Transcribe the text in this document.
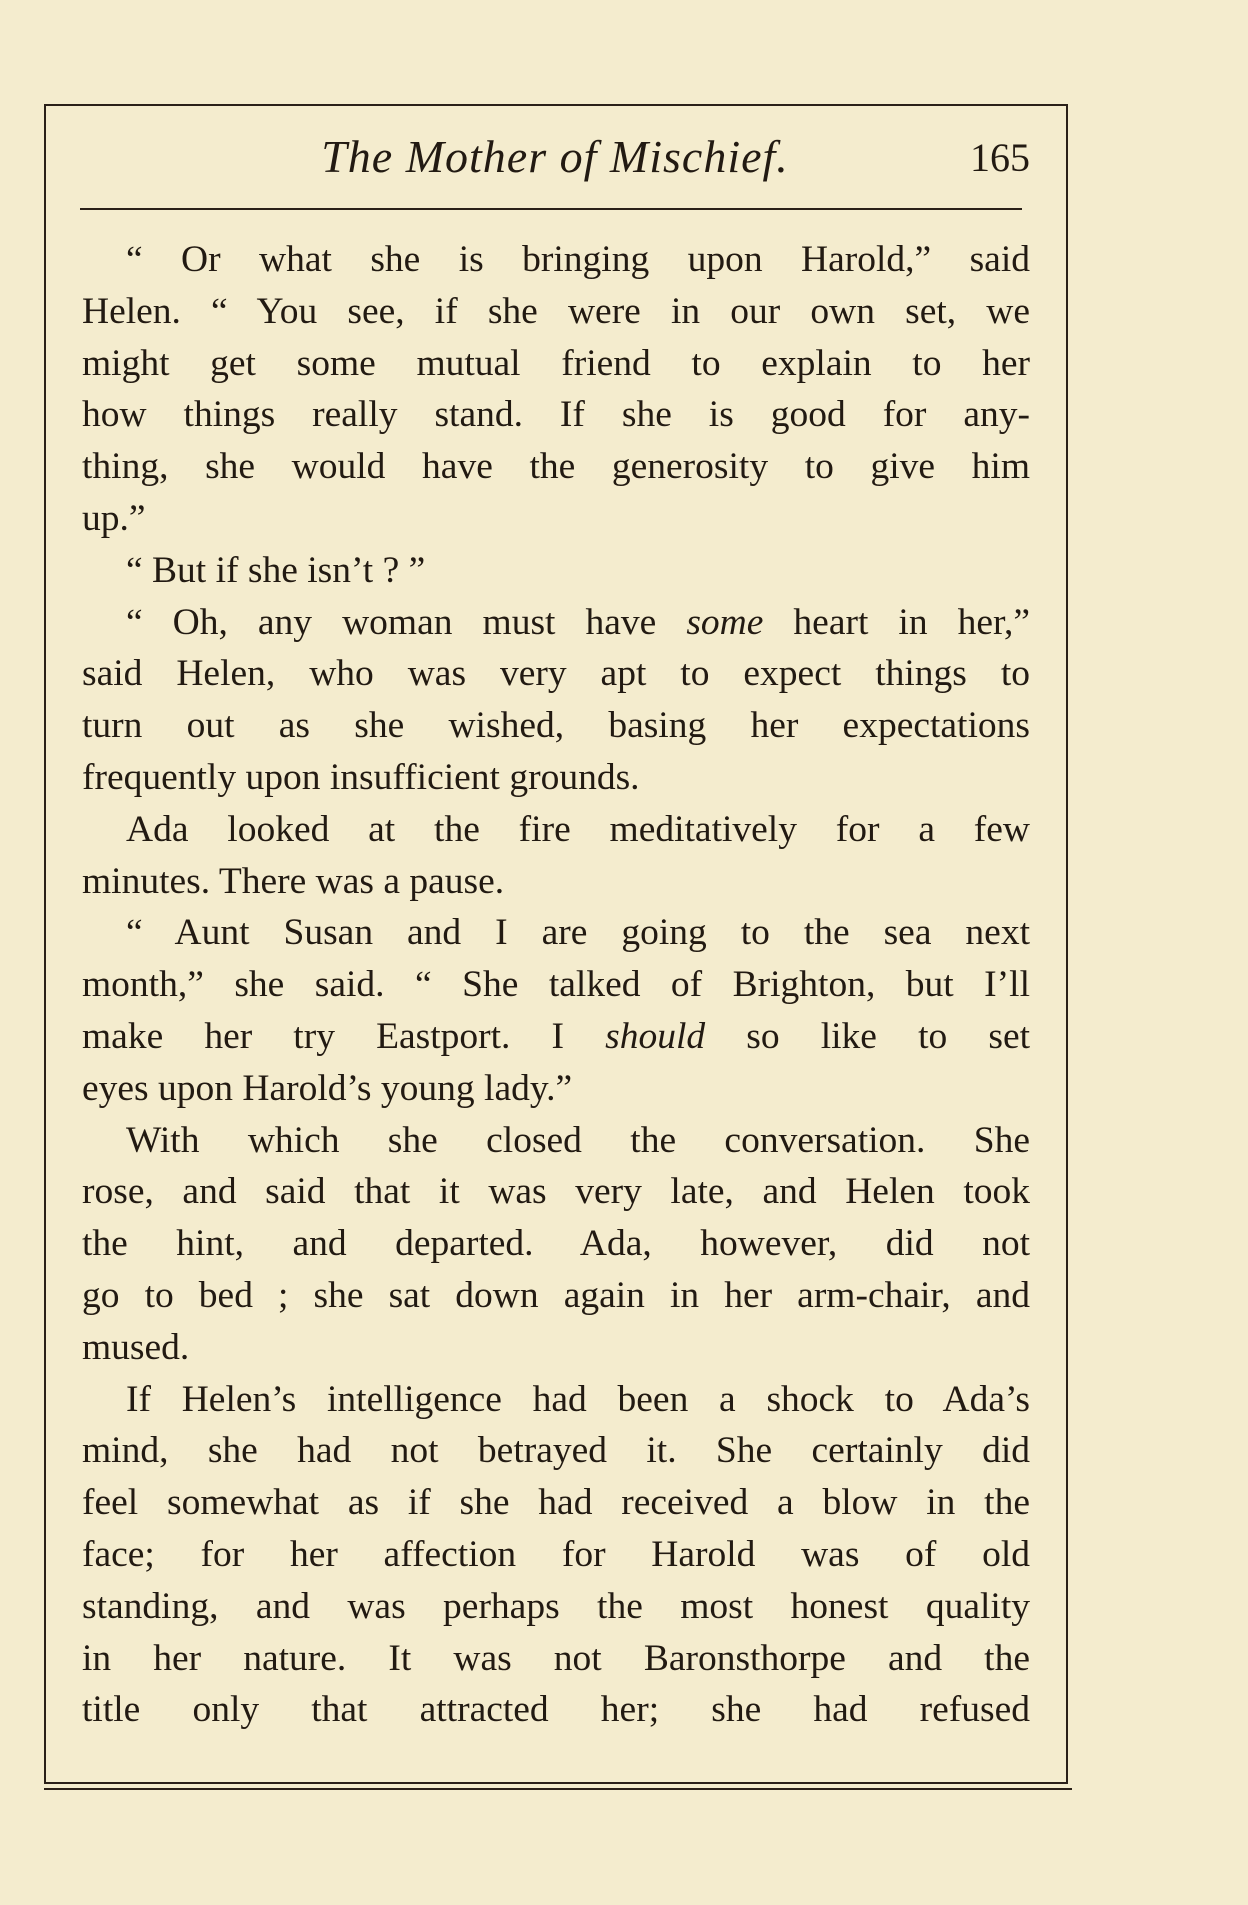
The Mother of Mischief.	165
“ Or what she is bringing upon Harold,” said
Helen. “ You see, if she were in our own set, we
might get some mutual friend to explain to her
how things really stand. If she is good for any-
thing, she would have the generosity to give him
up.”
“ But if she isn’t ? ”
“ Oh, any woman must have some heart in her,”
said Helen, who was very apt to expect things to
turn out as she wished, basing her expectations
frequently upon insufficient grounds.
Ada looked at the fire meditatively for a few
minutes. There was a pause.
“ Aunt Susan and I are going to the sea next
month,” she said. “ She talked of Brighton, but I’ll
make her try Eastport. I should so like to set
eyes upon Harold’s young lady.”
With which she closed the conversation. She
rose, and said that it was very late, and Helen took
the hint, and departed. Ada, however, did not
go to bed ; she sat down again in her arm-chair, and
mused.
If Helen’s intelligence had been a shock to Ada’s
mind, she had not betrayed it. She certainly did
feel somewhat as if she had received a blow in the
face; for her affection for Harold was of old
standing, and was perhaps the most honest quality
in her nature. It was not Baronsthorpe and the
title only that attracted her; she had refused
